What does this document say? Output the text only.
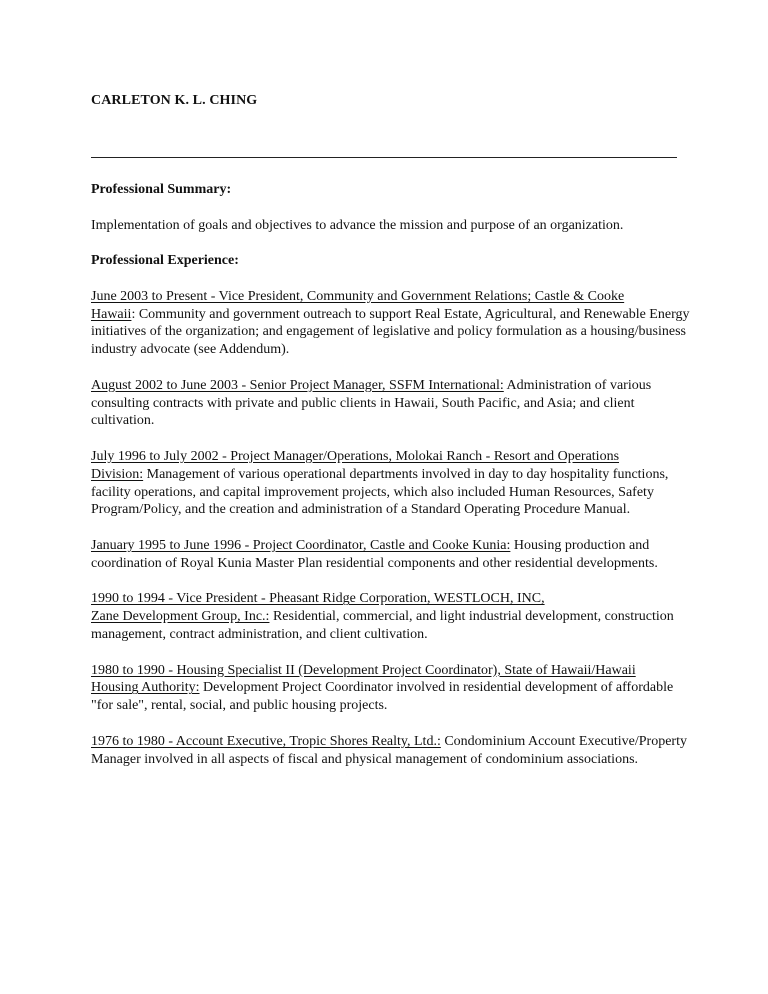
CARLETON K. L. CHING

Professional Summary:

Implementation of goals and objectives to advance the mission and purpose of an organization.

Professional Experience:

June 2003 to Present - Vice President, Community and Government Relations; Castle & Cooke
Hawaii: Community and government outreach to support Real Estate, Agricultural, and Renewable Energy initiatives of the organization; and engagement of legislative and policy formulation as a housing/business industry advocate (see Addendum).
August 2002 to June 2003 - Senior Project Manager, SSFM International: Administration of various consulting contracts with private and public clients in Hawaii, South Pacific, and Asia; and client cultivation.
July 1996 to July 2002 - Project Manager/Operations, Molokai Ranch - Resort and Operations
Division: Management of various operational departments involved in day to day hospitality functions, facility operations, and capital improvement projects, which also included Human Resources, Safety Program/Policy, and the creation and administration of a Standard Operating Procedure Manual.
January 1995 to June 1996 - Project Coordinator, Castle and Cooke Kunia: Housing production and coordination of Royal Kunia Master Plan residential components and other residential developments.
1990 to 1994 - Vice President - Pheasant Ridge Corporation, WESTLOCH, INC,
Zane Development Group, Inc.: Residential, commercial, and light industrial development, construction management, contract administration, and client cultivation.
1980 to 1990 - Housing Specialist II (Development Project Coordinator), State of Hawaii/Hawaii
Housing Authority: Development Project Coordinator involved in residential development of affordable "for sale", rental, social, and public housing projects.
1976 to 1980 - Account Executive, Tropic Shores Realty, Ltd.: Condominium Account Executive/Property Manager involved in all aspects of fiscal and physical management of condominium associations.
